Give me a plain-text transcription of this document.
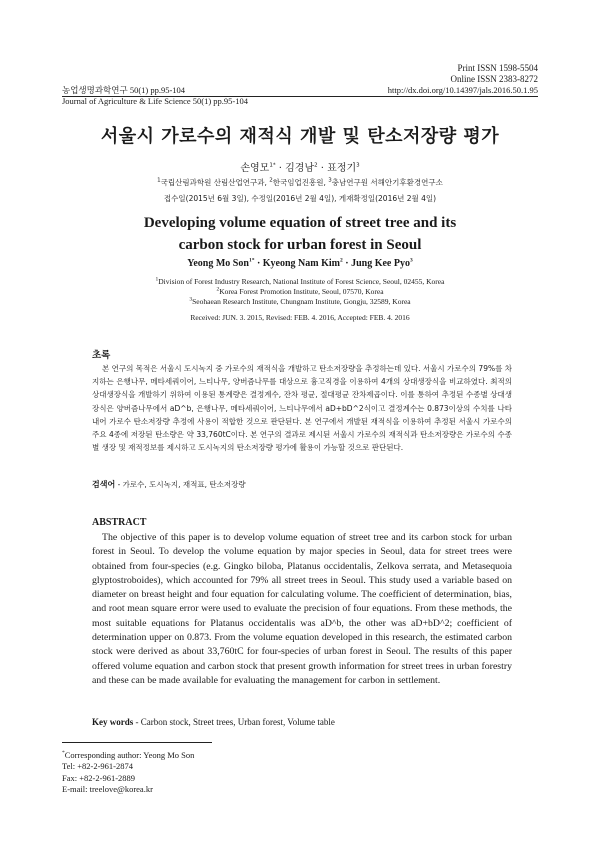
Print ISSN 1598-5504
Online ISSN 2383-8272
농업생명과학연구 50(1) pp.95-104
Journal of Agriculture & Life Science 50(1) pp.95-104
http://dx.doi.org/10.14397/jals.2016.50.1.95
서울시 가로수의 재적식 개발 및 탄소저장량 평가
손영모$^{1*}$ · 김경남$^2$ · 표정기$^3$
$^1$국립산림과학원 산림산업연구과, $^2$한국임업진흥원, $^3$충남연구원 서해안기후환경연구소
접수일(2015년 6월 3일), 수정일(2016년 2월 4일), 게재확정일(2016년 2월 4일)
Developing volume equation of street tree and its
carbon stock for urban forest in Seoul
Yeong Mo Son$^{1*}$ · Kyeong Nam Kim$^2$ · Jung Kee Pyo$^3$
$^1$Division of Forest Industry Research, National Institute of Forest Science, Seoul, 02455, Korea
$^2$Korea Forest Promotion Institute, Seoul, 07570, Korea
$^3$Seohaean Research Institute, Chungnam Institute, Gongju, 32589, Korea
Received: JUN. 3. 2015, Revised: FEB. 4. 2016, Accepted: FEB. 4. 2016
초록
본 연구의 목적은 서울시 도시녹지 중 가로수의 재적식을 개발하고 탄소저장량을 추정하는데 있다. 서울시 가로수의 79%를 차지하는 은행나무, 메타세쿼이어, 느티나무, 양버즘나무를 대상으로 흉고직경을 이용하여 4개의 상대생장식을 비교하였다. 최적의 상대생장식을 개발하기 위하여 이용된 통계량은 결정계수, 잔차 평균, 절대평균 잔차제곱이다. 이를 통하여 추정된 수종별 상대생장식은 양버즘나무에서 aD^b, 은행나무, 메타세쿼이어, 느티나무에서 aD+bD^2식이고 결정계수는 0.873이상의 수치를 나타내어 가로수 탄소저장량 추정에 사용이 적합한 것으로 판단된다. 본 연구에서 개발된 재적식을 이용하여 추정된 서울시 가로수의 주요 4종에 저장된 탄소량은 약 33,760tC이다. 본 연구의 결과로 제시된 서울시 가로수의 재적식과 탄소저장량은 가로수의 수종별 생장 및 재적정보를 제시하고 도시녹지의 탄소저장량 평가에 활용이 가능할 것으로 판단된다.
검색어 - 가로수, 도시녹지, 재적표, 탄소저장량
ABSTRACT
The objective of this paper is to develop volume equation of street tree and its carbon stock for urban forest in Seoul. To develop the volume equation by major species in Seoul, data for street trees were obtained from four-species (e.g. Gingko biloba, Platanus occidentalis, Zelkova serrata, and Metasequoia glyptostroboides), which accounted for 79% all street trees in Seoul. This study used a variable based on diameter on breast height and four equation for calculating volume. The coefficient of determination, bias, and root mean square error were used to evaluate the precision of four equations. From these methods, the most suitable equations for Platanus occidentalis was aD^b, the other was aD+bD^2; coefficient of determination upper on 0.873. From the volume equation developed in this research, the estimated carbon stock were derived as about 33,760tC for four-species of urban forest in Seoul. The results of this paper offered volume equation and carbon stock that present growth information for street trees in urban forestry and these can be made available for evaluating the management for carbon in settlement.
Key words - Carbon stock, Street trees, Urban forest, Volume table
*Corresponding author: Yeong Mo Son
Tel: +82-2-961-2874
Fax: +82-2-961-2889
E-mail: treelove@korea.kr
